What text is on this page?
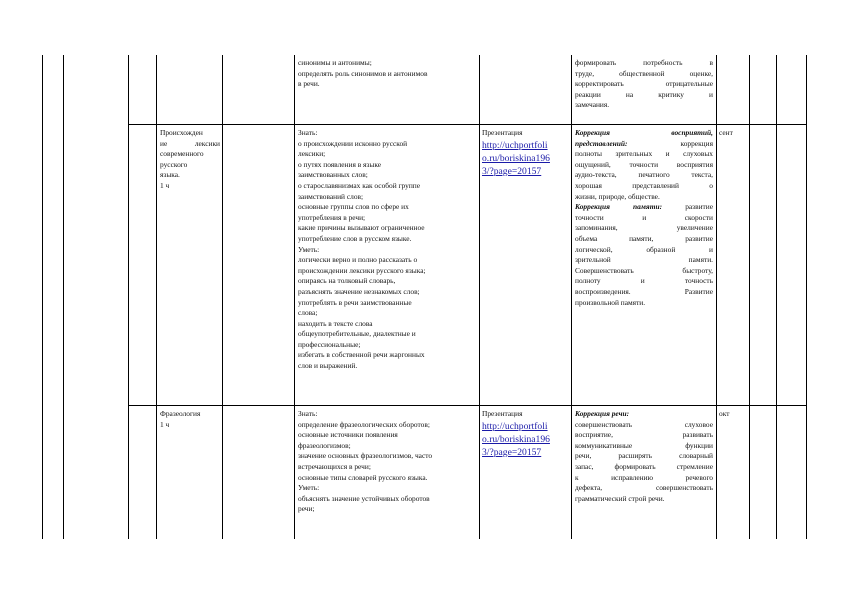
синонимы и антонимы;
определять роль синонимов и антонимов
в речи.
формировать потребность в
труде, общественной оценке,
корректировать отрицательные
реакции на критику и
замечания.
Происхожден
ие лексики
современного
русского
языка.
1 ч
Знать:
о происхождении исконно русской
лексики;
о путях появления в языке
заимствованных слов;
о старославянизмах как особой группе
заимствований слов;
основные группы слов по сфере их
употребления в речи;
какие причины вызывают ограниченное
употребление слов в русском языке.
Уметь:
логически верно и полно рассказать о
происхождении лексики русского языка;
опираясь на толковый словарь,
разъяснять значение незнакомых слов;
употреблять в речи заимствованные
слова;
находить в тексте слова
общеупотребительные, диалектные и
профессиональные;
избегать в собственной речи жаргонных
слов и выражений.
Презентация
http://uchportfoli
o.ru/boriskina196
3/?page=20157
Коррекция восприятий,
представлений: коррекция
полноты зрительных и слуховых
ощущений, точности восприятия
аудио-текста, печатного текста,
хорошая представлений о
жизни, природе, обществе.
Коррекция памяти: развитие
точности и скорости
запоминания, увеличение
объема памяти, развитие
логической, образной и
зрительной памяти.
Совершенствовать быстроту,
полноту и точность
воспроизведения. Развитие
произвольной памяти.
сент
Фразеология
1 ч
Знать:
определение фразеологических оборотов;
основные источники появления
фразеологизмов;
значение основных фразеологизмов, часто
встречающихся в речи;
основные типы словарей русского языка.
Уметь:
объяснять значение устойчивых оборотов
речи;
Презентация
http://uchportfoli
o.ru/boriskina196
3/?page=20157
Коррекция речи:
совершенствовать слуховое
восприятие, развивать
коммуникативные функции
речи, расширять словарный
запас, формировать стремление
к исправлению речевого
дефекта, совершенствовать
грамматический строй речи.
окт
